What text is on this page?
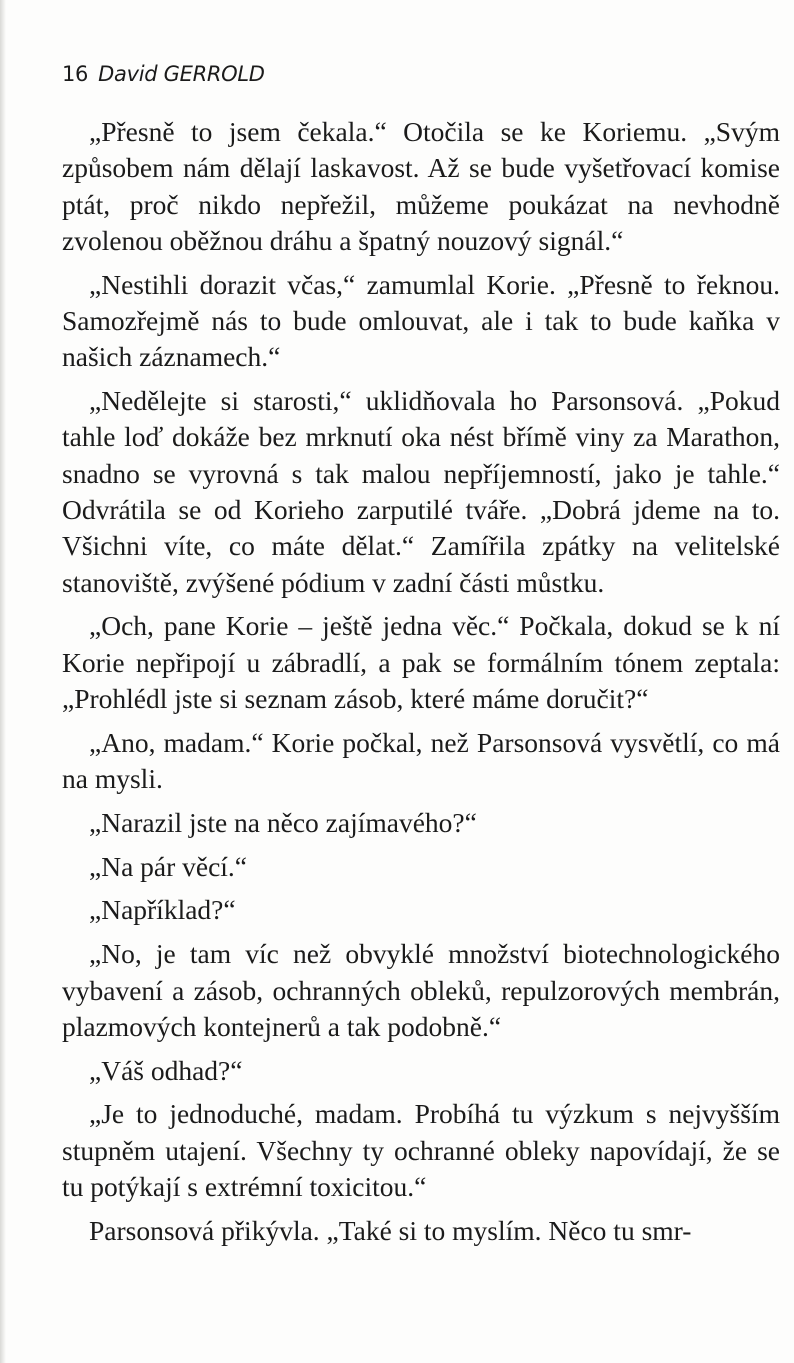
16 David GERROLD

„Přesně to jsem čekala.“ Otočila se ke Koriemu. „Svým způsobem nám dělají laskavost. Až se bude vyšetřovací komise ptát, proč nikdo nepřežil, můžeme poukázat na nevhodně zvolenou oběžnou dráhu a špatný nouzový signál.“

„Nestihli dorazit včas,“ zamumlal Korie. „Přesně to řeknou. Samozřejmě nás to bude omlouvat, ale i tak to bude kaňka v našich záznamech.“

„Nedělejte si starosti,“ uklidňovala ho Parsonsová. „Pokud tahle loď dokáže bez mrknutí oka nést břímě viny za Marathon, snadno se vyrovná s tak malou nepříjemností, jako je tahle.“ Odvrátila se od Korieho zarputilé tváře. „Dobrá jdeme na to. Všichni víte, co máte dělat.“ Zamířila zpátky na velitelské stanoviště, zvýšené pódium v zadní části můstku.

„Och, pane Korie – ještě jedna věc.“ Počkala, dokud se k ní Korie nepřipojí u zábradlí, a pak se formálním tónem zeptala: „Prohlédl jste si seznam zásob, které máme doručit?“

„Ano, madam.“ Korie počkal, než Parsonsová vysvětlí, co má na mysli.

„Narazil jste na něco zajímavého?“

„Na pár věcí.“

„Například?“

„No, je tam víc než obvyklé množství biotechnologického vybavení a zásob, ochranných obleků, repulzorových membrán, plazmových kontejnerů a tak podobně.“

„Váš odhad?“

„Je to jednoduché, madam. Probíhá tu výzkum s nejvyšším stupněm utajení. Všechny ty ochranné obleky napovídají, že se tu potýkají s extrémní toxicitou.“

Parsonsová přikývla. „Také si to myslím. Něco tu smr-
